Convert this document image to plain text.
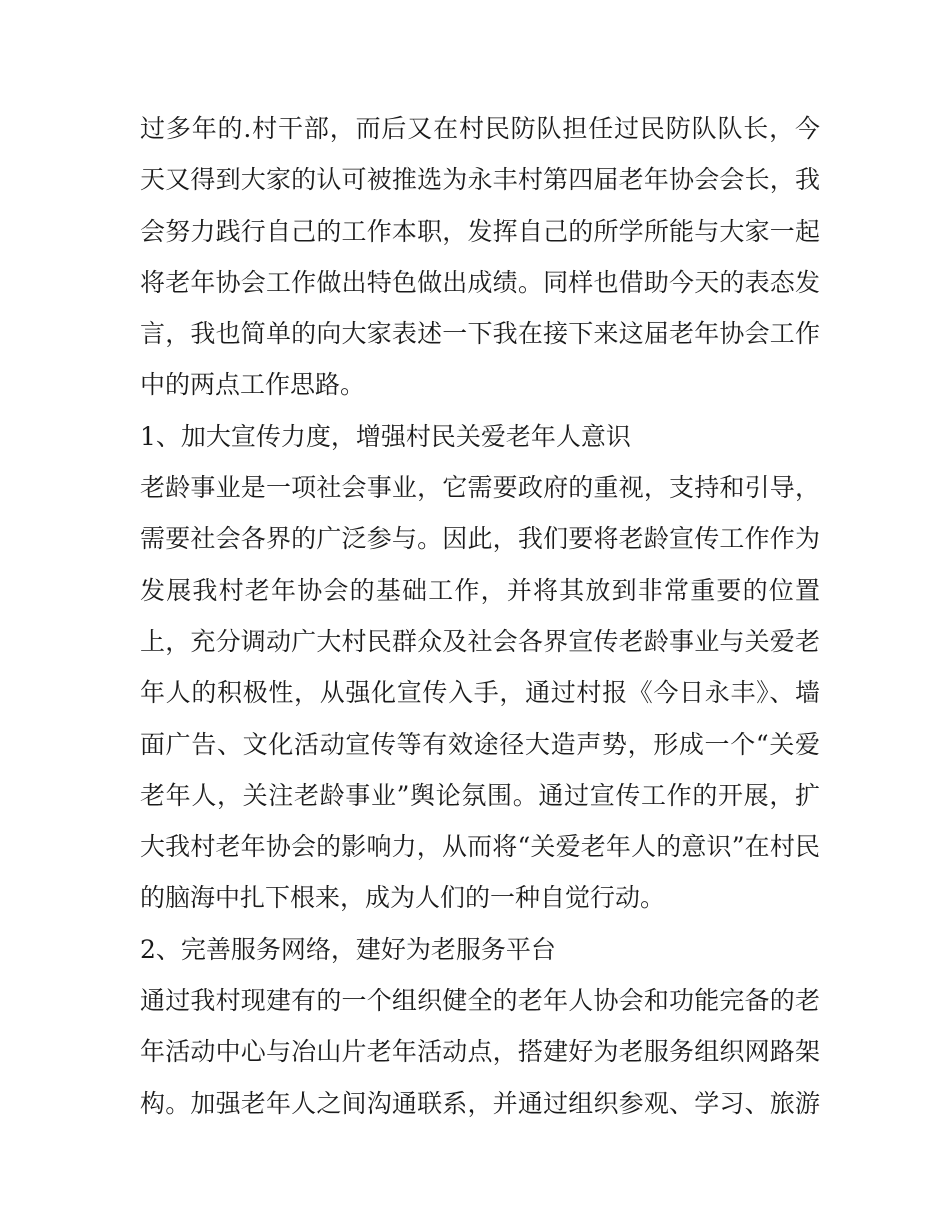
过多年的.村干部，而后又在村民防队担任过民防队队长，今
天又得到大家的认可被推选为永丰村第四届老年协会会长，我
会努力践行自己的工作本职，发挥自己的所学所能与大家一起
将老年协会工作做出特色做出成绩。同样也借助今天的表态发
言，我也简单的向大家表述一下我在接下来这届老年协会工作
中的两点工作思路。
1、加大宣传力度，增强村民关爱老年人意识
老龄事业是一项社会事业，它需要政府的重视，支持和引导，
需要社会各界的广泛参与。因此，我们要将老龄宣传工作作为
发展我村老年协会的基础工作，并将其放到非常重要的位置
上，充分调动广大村民群众及社会各界宣传老龄事业与关爱老
年人的积极性，从强化宣传入手，通过村报《今日永丰》、墙
面广告、文化活动宣传等有效途径大造声势，形成一个“关爱
老年人，关注老龄事业”舆论氛围。通过宣传工作的开展，扩
大我村老年协会的影响力，从而将“关爱老年人的意识”在村民
的脑海中扎下根来，成为人们的一种自觉行动。
2、完善服务网络，建好为老服务平台
通过我村现建有的一个组织健全的老年人协会和功能完备的老
年活动中心与冶山片老年活动点，搭建好为老服务组织网路架
构。加强老年人之间沟通联系，并通过组织参观、学习、旅游
